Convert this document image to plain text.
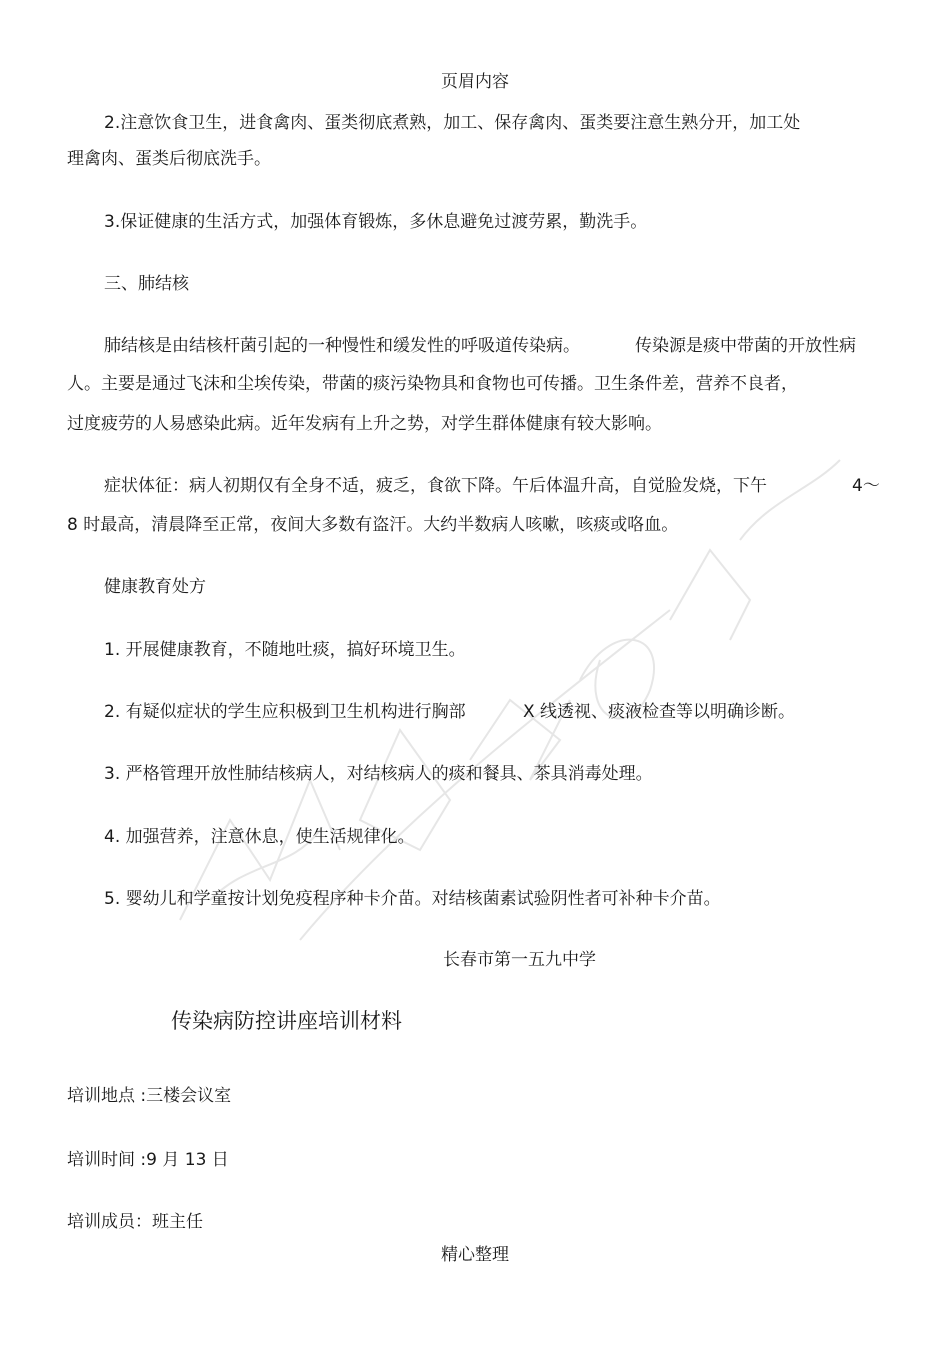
页眉内容
2.注意饮食卫生，进食禽肉、蛋类彻底煮熟，加工、保存禽肉、蛋类要注意生熟分开，加工处
理禽肉、蛋类后彻底洗手。
3.保证健康的生活方式，加强体育锻炼，多休息避免过渡劳累，勤洗手。
三、肺结核
肺结核是由结核杆菌引起的一种慢性和缓发性的呼吸道传染病。	传染源是痰中带菌的开放性病
人。主要是通过飞沫和尘埃传染，带菌的痰污染物具和食物也可传播。卫生条件差，营养不良者，
过度疲劳的人易感染此病。近年发病有上升之势，对学生群体健康有较大影响。
症状体征：病人初期仅有全身不适，疲乏，食欲下降。午后体温升高，自觉脸发烧，下午	4～
8 时最高，清晨降至正常，夜间大多数有盗汗。大约半数病人咳嗽，咳痰或咯血。
健康教育处方
1. 开展健康教育，不随地吐痰，搞好环境卫生。
2. 有疑似症状的学生应积极到卫生机构进行胸部	X 线透视、痰液检查等以明确诊断。
3. 严格管理开放性肺结核病人，对结核病人的痰和餐具、茶具消毒处理。
4. 加强营养，注意休息，使生活规律化。
5. 婴幼儿和学童按计划免疫程序种卡介苗。对结核菌素试验阴性者可补种卡介苗。
长春市第一五九中学
传染病防控讲座培训材料
培训地点 :三楼会议室
培训时间 :9 月 13 日
培训成员：班主任
精心整理
